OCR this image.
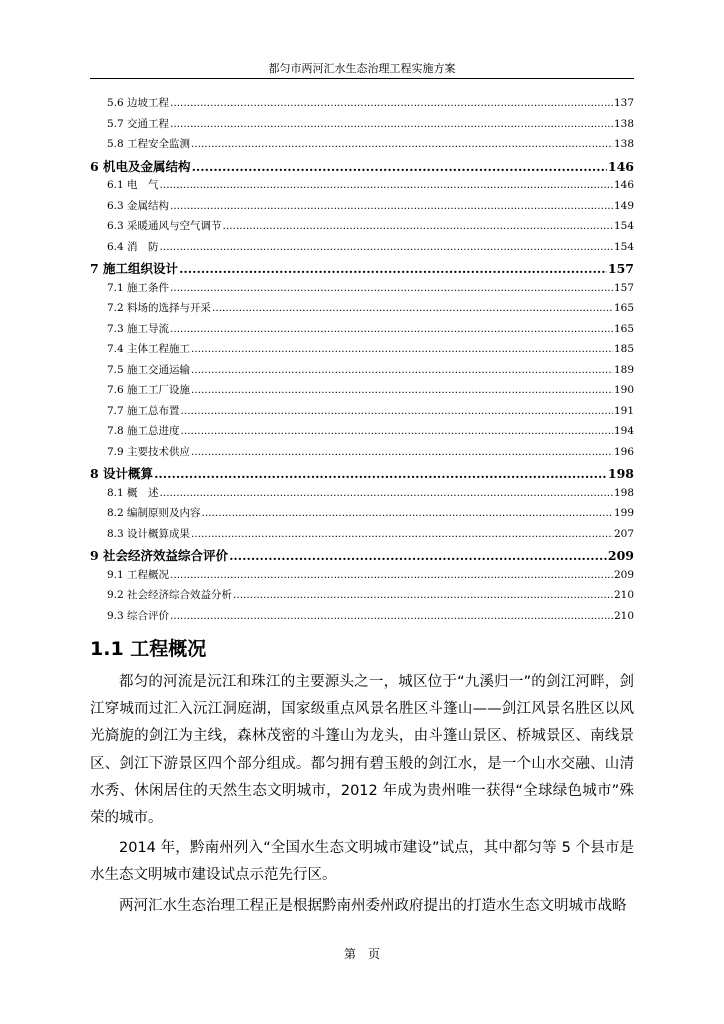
都匀市两河汇水生态治理工程实施方案
5.6 边坡工程 .....	137
5.7 交通工程 .....	138
5.8 工程安全监测 .....	138
6 机电及金属结构 .....	146
6.1 电　气 .....	146
6.3 金属结构 .....	149
6.3 采暖通风与空气调节 .....	154
6.4 消　防 .....	154
7 施工组织设计 .....	157
7.1 施工条件 .....	157
7.2 料场的选择与开采 .....	165
7.3 施工导流 .....	165
7.4 主体工程施工 .....	185
7.5 施工交通运输 .....	189
7.6 施工工厂设施 .....	190
7.7 施工总布置 .....	191
7.8 施工总进度 .....	194
7.9 主要技术供应 .....	196
8 设计概算 .....	198
8.1 概　述 .....	198
8.2 编制原则及内容 .....	199
8.3 设计概算成果 .....	207
9 社会经济效益综合评价 .....	209
9.1 工程概况 .....	209
9.2 社会经济综合效益分析 .....	210
9.3 综合评价 .....	210
1.1 工程概况

都匀的河流是沅江和珠江的主要源头之一，城区位于“九溪归一”的剑江河畔，剑江穿城而过汇入沅江洞庭湖，国家级重点风景名胜区斗篷山——剑江风景名胜区以风光旖旎的剑江为主线，森林茂密的斗篷山为龙头，由斗篷山景区、桥城景区、南线景区、剑江下游景区四个部分组成。都匀拥有碧玉般的剑江水，是一个山水交融、山清水秀、休闲居住的天然生态文明城市，2012 年成为贵州唯一获得“全球绿色城市”殊荣的城市。

2014 年，黔南州列入“全国水生态文明城市建设”试点，其中都匀等 5 个县市是水生态文明城市建设试点示范先行区。

两河汇水生态治理工程正是根据黔南州委州政府提出的打造水生态文明城市战略

第　页
